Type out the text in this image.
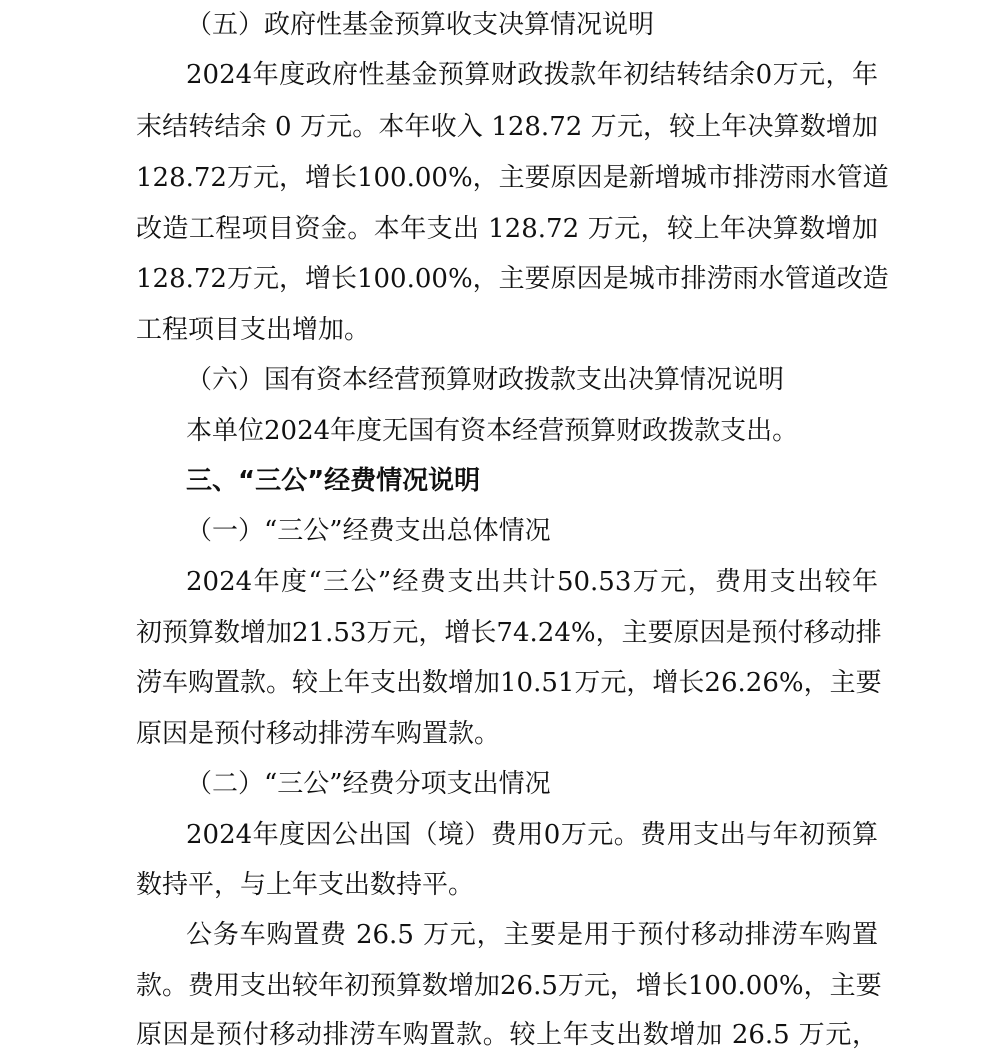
（五）政府性基金预算收支决算情况说明
2024年度政府性基金预算财政拨款年初结转结余0万元，年
末结转结余 0 万元。本年收入 128.72 万元，较上年决算数增加
128.72万元，增长100.00%，主要原因是新增城市排涝雨水管道
改造工程项目资金。本年支出 128.72 万元，较上年决算数增加
128.72万元，增长100.00%，主要原因是城市排涝雨水管道改造
工程项目支出增加。
（六）国有资本经营预算财政拨款支出决算情况说明
本单位2024年度无国有资本经营预算财政拨款支出。
三、“三公”经费情况说明
（一）“三公”经费支出总体情况
2024年度“三公”经费支出共计50.53万元，费用支出较年
初预算数增加21.53万元，增长74.24%，主要原因是预付移动排
涝车购置款。较上年支出数增加10.51万元，增长26.26%，主要
原因是预付移动排涝车购置款。
（二）“三公”经费分项支出情况
2024年度因公出国（境）费用0万元。费用支出与年初预算
数持平，与上年支出数持平。
公务车购置费 26.5 万元，主要是用于预付移动排涝车购置
款。费用支出较年初预算数增加26.5万元，增长100.00%，主要
原因是预付移动排涝车购置款。较上年支出数增加 26.5 万元，
